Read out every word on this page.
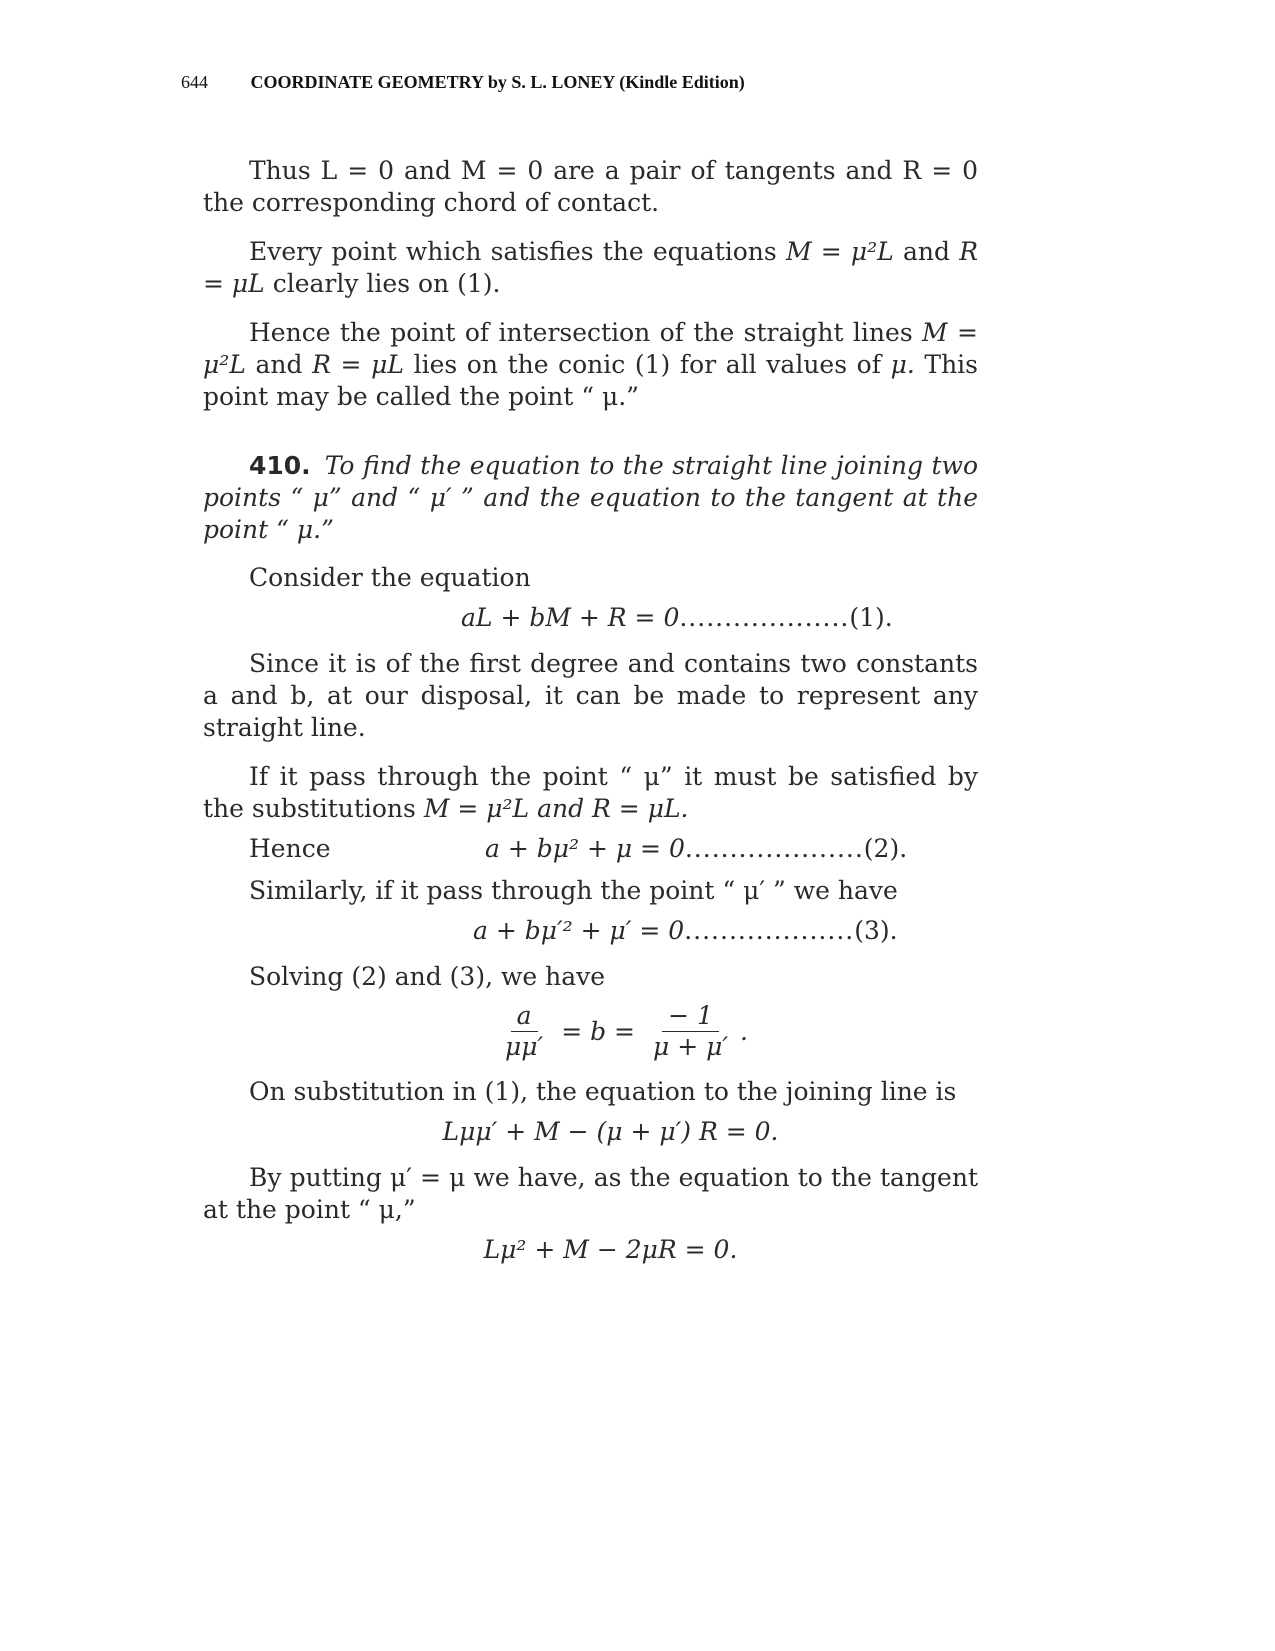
644 COORDINATE GEOMETRY by S. L. LONEY (Kindle Edition)

Thus L = 0 and M = 0 are a pair of tangents and R = 0 the corresponding chord of contact.

Every point which satisfies the equations M = μ²L and R = μL clearly lies on (1).

Hence the point of intersection of the straight lines M = μ²L and R = μL lies on the conic (1) for all values of μ. This point may be called the point “ μ.”

410. To find the equation to the straight line joining two points “ μ” and “ μ′ ” and the equation to the tangent at the point “ μ.”

Consider the equation

aL + bM + R = 0...................(1).

Since it is of the first degree and contains two constants a and b, at our disposal, it can be made to represent any straight line.

If it pass through the point “ μ” it must be satisfied by the substitutions M = μ²L and R = μL.

Hence	a + bμ² + μ = 0 .................... (2).

Similarly, if it pass through the point “ μ′ ” we have

a + bμ′² + μ′ = 0...................(3).

Solving (2) and (3), we have

$\frac{a}{\mu\mu'} = b = \frac{- 1}{\mu + \mu'}$ .

On substitution in (1), the equation to the joining line is

Lμμ′ + M − (μ + μ′) R = 0.

By putting μ′ = μ we have, as the equation to the tangent at the point “ μ,”

Lμ² + M − 2μR = 0.
